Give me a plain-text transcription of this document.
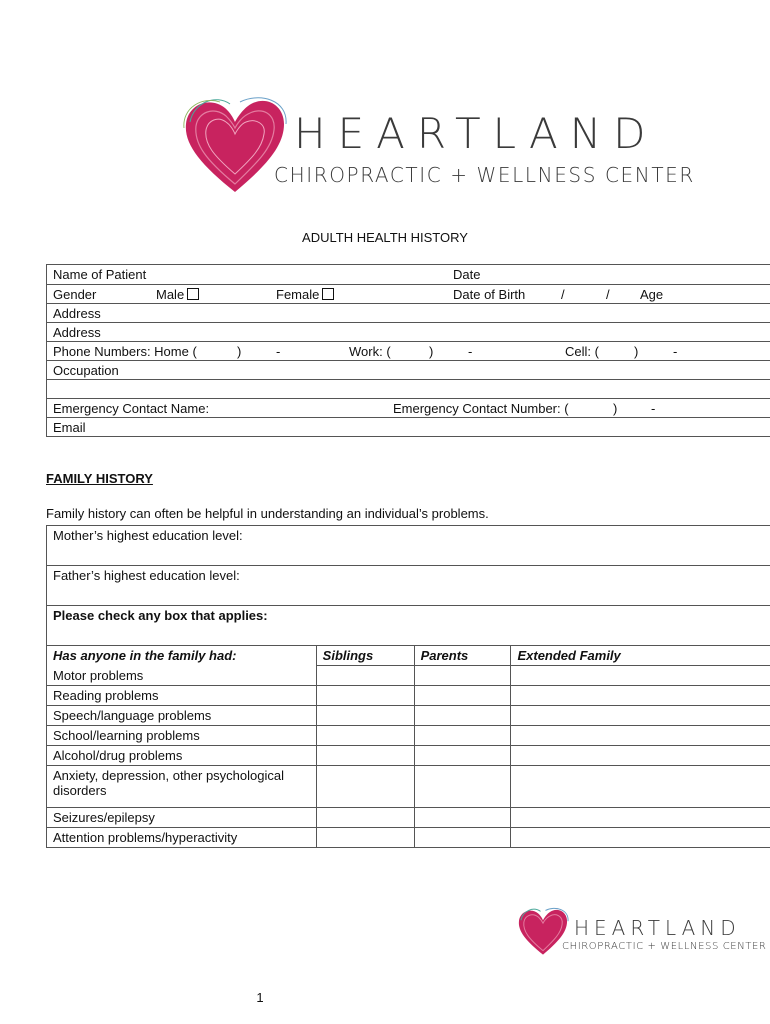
HEARTLAND
CHIROPRACTIC + WELLNESS CENTER
ADULTH HEALTH HISTORY
Name of Patient	Date
Gender	Male	Female	Date of Birth	/	/ Age
Address
Address
Phone Numbers: Home (	)	-	Work: (	)	-	Cell: (	)	-
Occupation
Emergency Contact Name:	Emergency Contact Number: (	)	-
Email
FAMILY HISTORY
Family history can often be helpful in understanding an individual’s problems.
Mother’s highest education level:			
Father’s highest education level:			
Please check any box that applies:			
Has anyone in the family had:	Siblings	Parents	Extended Family
Motor problems			
Reading problems			
Speech/language problems			
School/learning problems			
Alcohol/drug problems			
Anxiety, depression, other psychological disorders			
Seizures/epilepsy			
Attention problems/hyperactivity			
HEARTLAND
CHIROPRACTIC + WELLNESS CENTER
1
